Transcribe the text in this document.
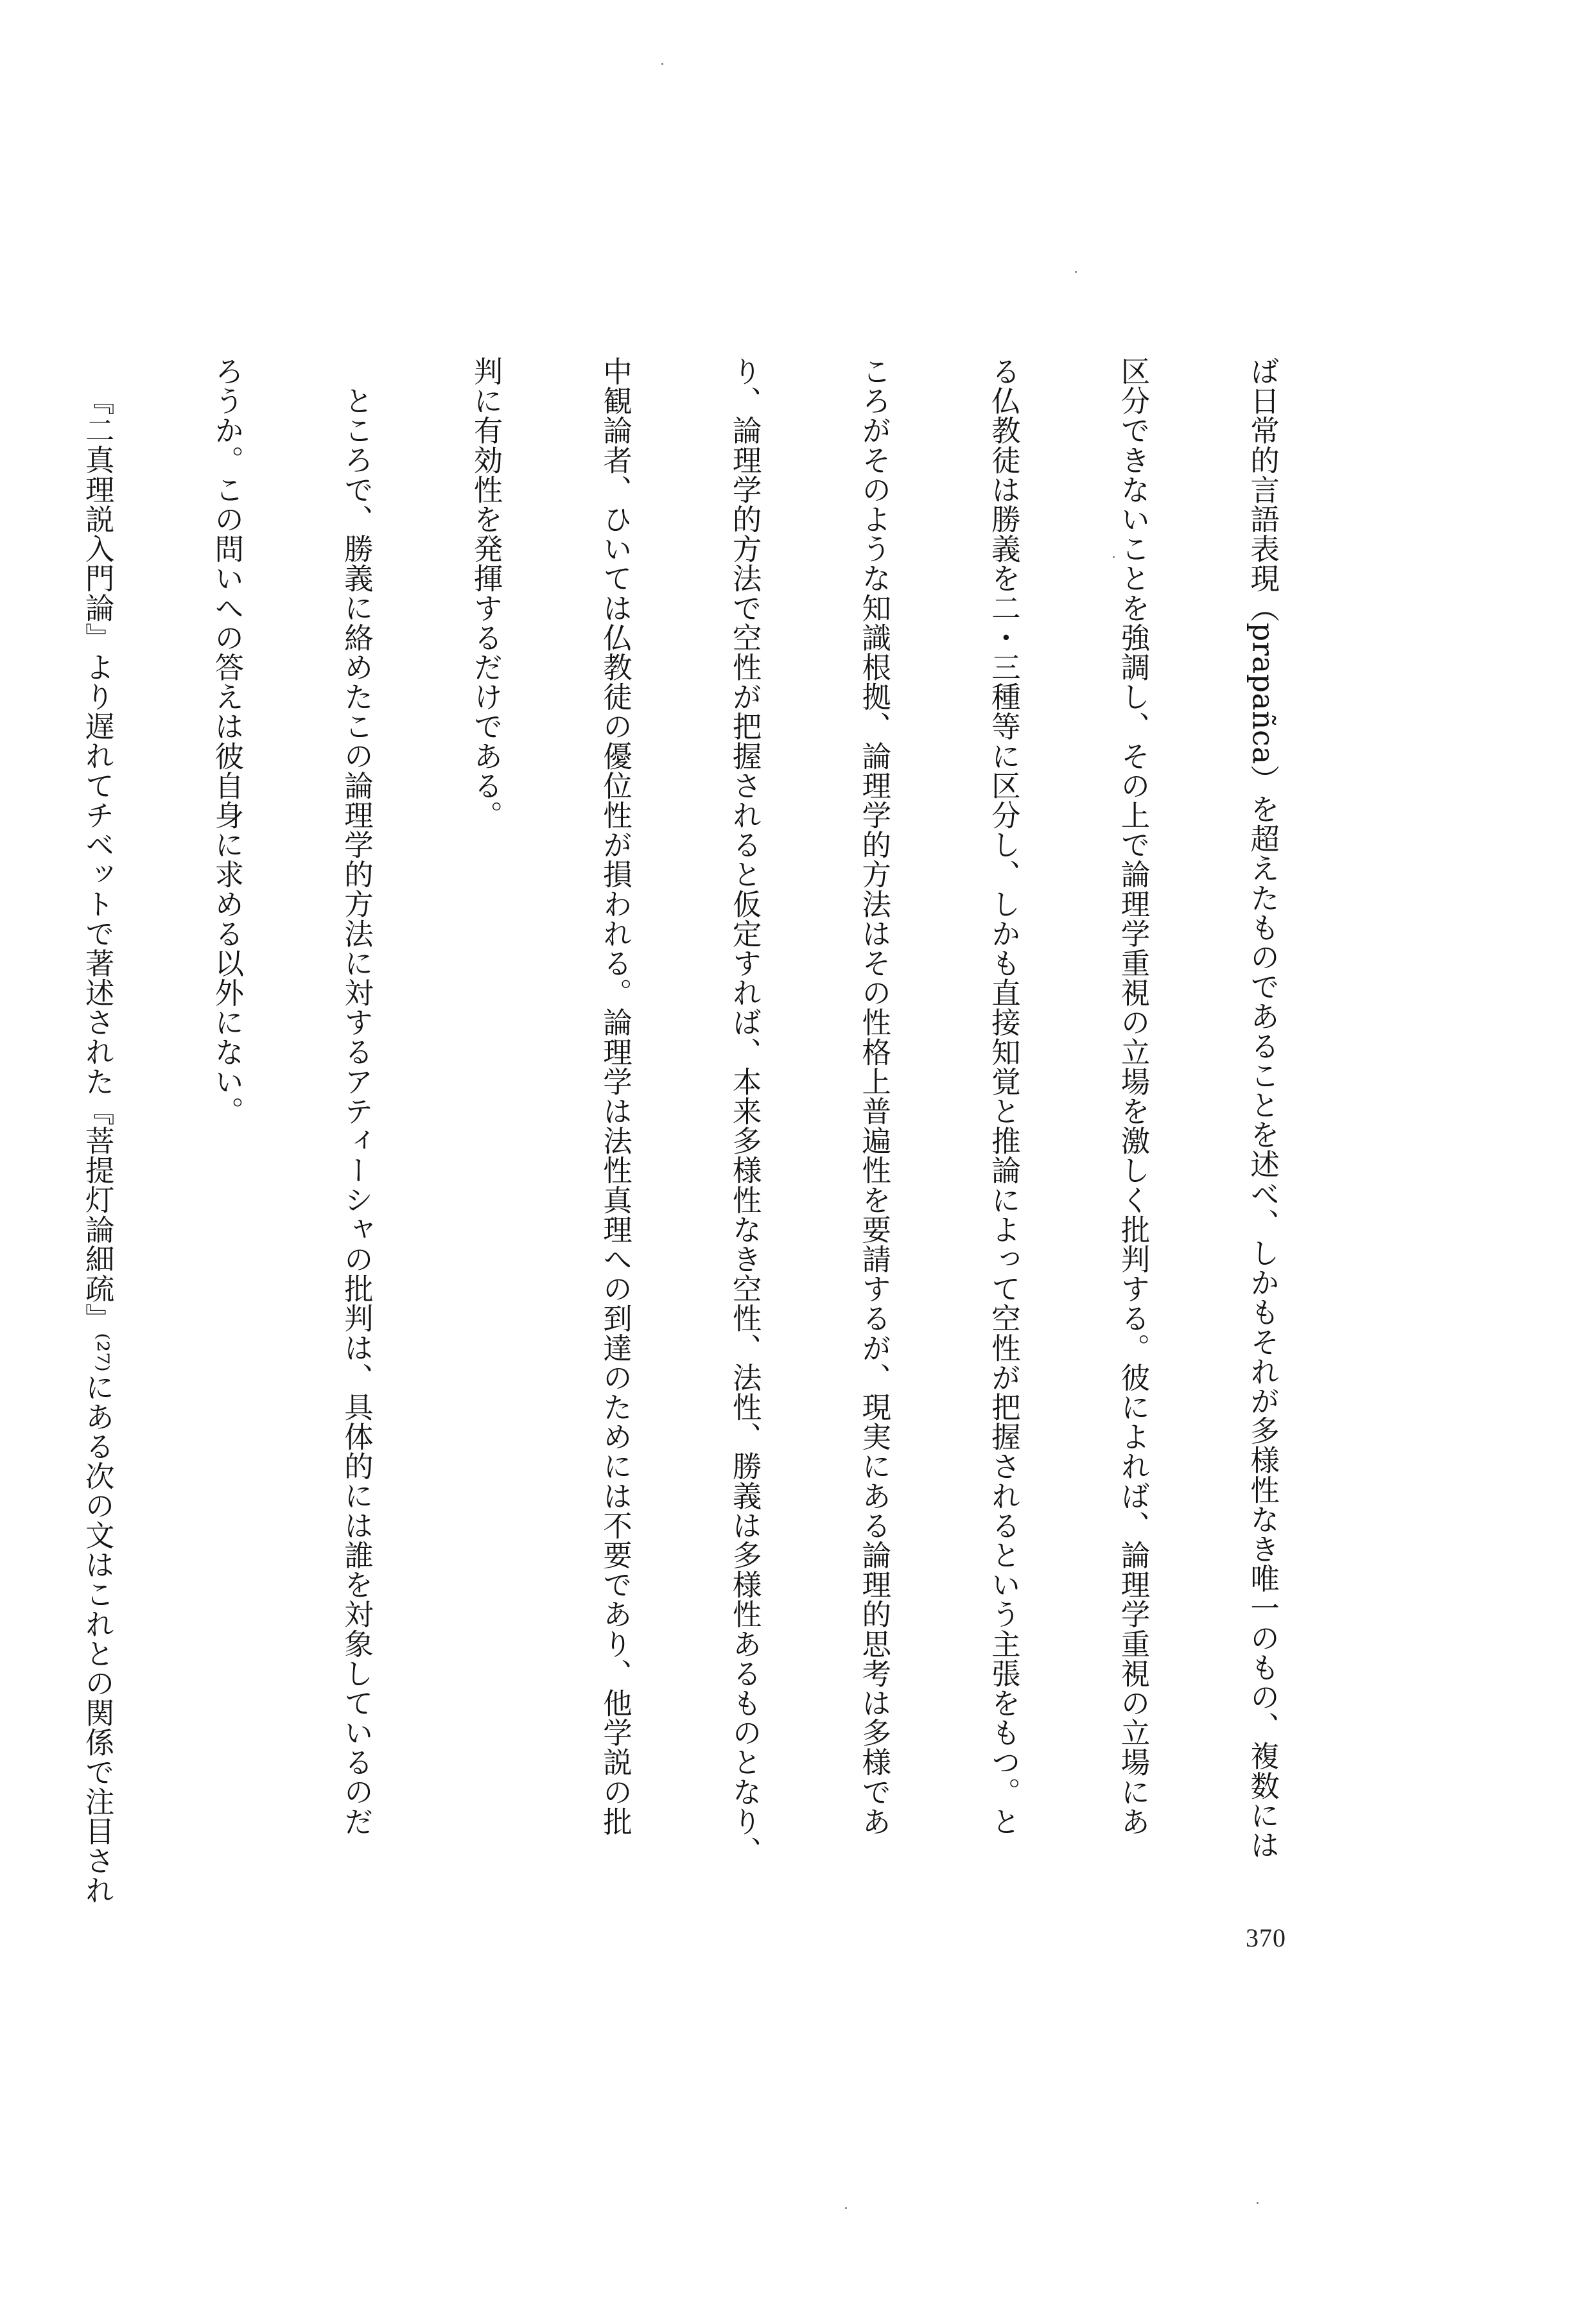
ば日常的言語表現（prapañca）を超えたものであることを述べ、しかもそれが多様性なき唯一のもの、複数には

区分できないことを強調し、その上で論理学重視の立場を激しく批判する。彼によれば、論理学重視の立場にあ

る仏教徒は勝義を二・三種等に区分し、しかも直接知覚と推論によって空性が把握されるという主張をもつ。と

ころがそのような知識根拠、論理学的方法はその性格上普遍性を要請するが、現実にある論理的思考は多様であ

り、論理学的方法で空性が把握されると仮定すれば、本来多様性なき空性、法性、勝義は多様性あるものとなり、

中観論者、ひいては仏教徒の優位性が損われる。論理学は法性真理への到達のためには不要であり、他学説の批

判に有効性を発揮するだけである。

ところで、勝義に絡めたこの論理学的方法に対するアティーシャの批判は、具体的には誰を対象しているのだ

ろうか。この問いへの答えは彼自身に求める以外にない。

『二真理説入門論』より遅れてチベットで著述された『菩提灯論細疏』⁽²⁷⁾にある次の文はこれとの関係で注目され

370
